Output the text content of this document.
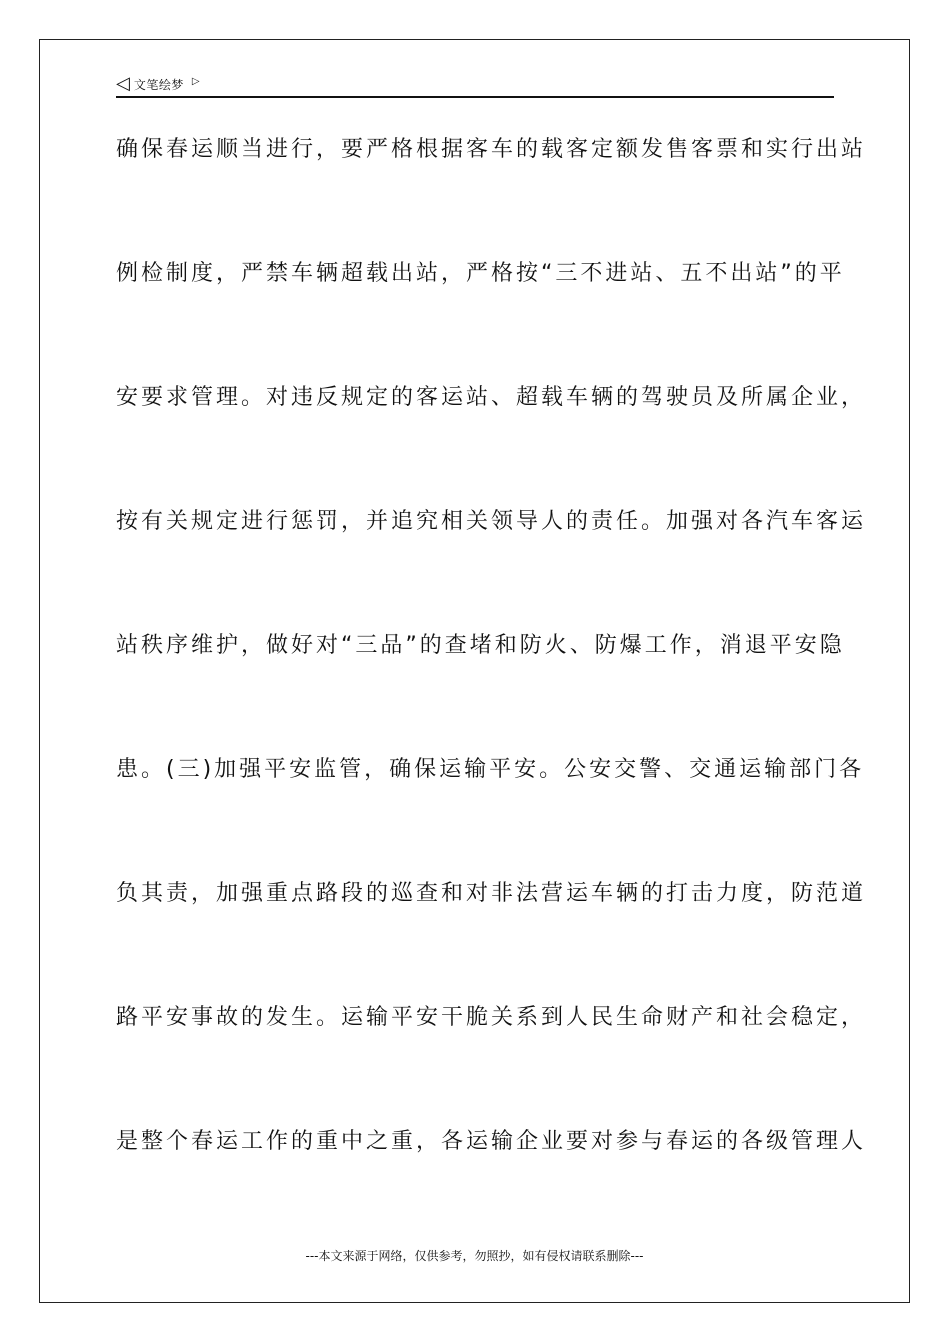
◁ 文笔绘梦 ▷
确保春运顺当进行，要严格根据客车的载客定额发售客票和实行出站
例检制度，严禁车辆超载出站，严格按“三不进站、五不出站”的平
安要求管理。对违反规定的客运站、超载车辆的驾驶员及所属企业，
按有关规定进行惩罚，并追究相关领导人的责任。加强对各汽车客运
站秩序维护，做好对“三品”的查堵和防火、防爆工作，消退平安隐
患。(三)加强平安监管，确保运输平安。公安交警、交通运输部门各
负其责，加强重点路段的巡查和对非法营运车辆的打击力度，防范道
路平安事故的发生。运输平安干脆关系到人民生命财产和社会稳定，
是整个春运工作的重中之重，各运输企业要对参与春运的各级管理人
---本文来源于网络，仅供参考，勿照抄，如有侵权请联系删除---
